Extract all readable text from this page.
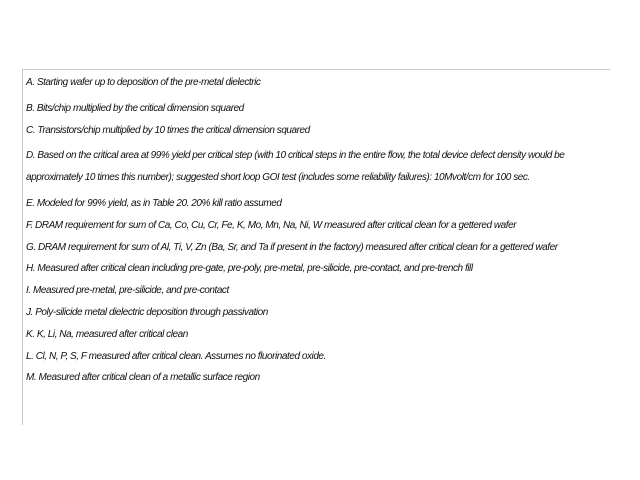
A. Starting wafer up to deposition of the pre-metal dielectric
B. Bits/chip multiplied by the critical dimension squared
C. Transistors/chip multiplied by 10 times the critical dimension squared
D. Based on the critical area at 99% yield per critical step (with 10 critical steps in the entire flow, the total device defect density would be approximately 10 times this number); suggested short loop GOI test (includes some reliability failures): 10Mvolt/cm for 100 sec.
E. Modeled for 99% yield, as in Table 20. 20% kill ratio assumed
F. DRAM requirement for sum of Ca, Co, Cu, Cr, Fe, K, Mo, Mn, Na, Ni, W measured after critical clean for a gettered wafer
G. DRAM requirement for sum of Al, Ti, V, Zn (Ba, Sr, and Ta if present in the factory) measured after critical clean for a gettered wafer
H. Measured after critical clean including pre-gate, pre-poly, pre-metal, pre-silicide, pre-contact, and pre-trench fill
I. Measured pre-metal, pre-silicide, and pre-contact
J. Poly-silicide metal dielectric deposition through passivation
K. K, Li, Na, measured after critical clean
L. Cl, N, P, S, F measured after critical clean. Assumes no fluorinated oxide.
M. Measured after critical clean of a metallic surface region
